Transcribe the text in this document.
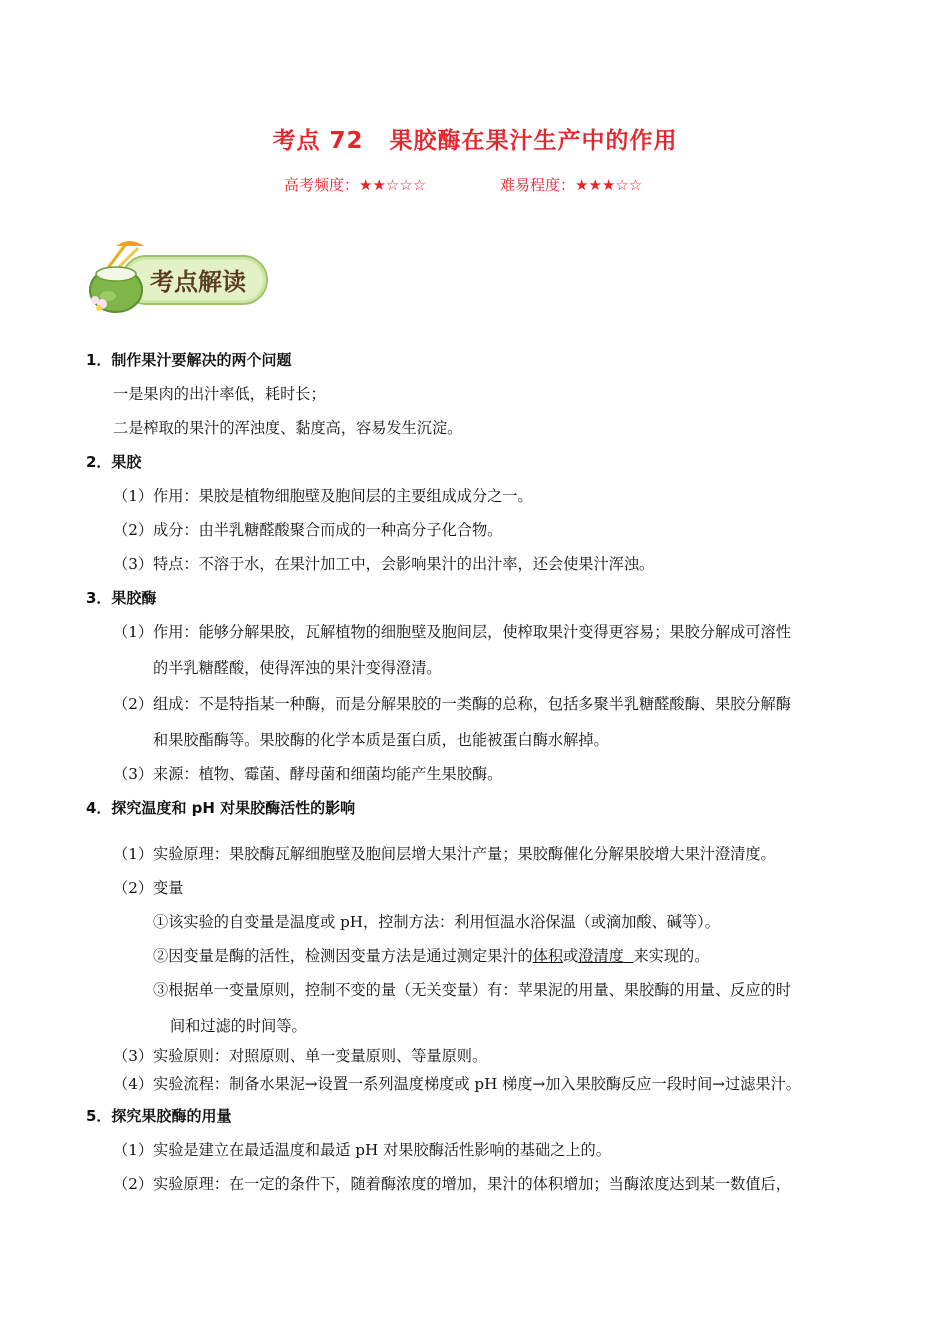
考点 72 果胶酶在果汁生产中的作用
高考频度：★★☆☆☆	难易程度：★★★☆☆
考点解读
1．制作果汁要解决的两个问题
一是果肉的出汁率低，耗时长；
二是榨取的果汁的浑浊度、黏度高，容易发生沉淀。
2．果胶
（1）作用：果胶是植物细胞壁及胞间层的主要组成成分之一。
（2）成分：由半乳糖醛酸聚合而成的一种高分子化合物。
（3）特点：不溶于水，在果汁加工中，会影响果汁的出汁率，还会使果汁浑浊。
3．果胶酶
（1）作用：能够分解果胶，瓦解植物的细胞壁及胞间层，使榨取果汁变得更容易；果胶分解成可溶性
的半乳糖醛酸，使得浑浊的果汁变得澄清。
（2）组成：不是特指某一种酶，而是分解果胶的一类酶的总称，包括多聚半乳糖醛酸酶、果胶分解酶
和果胶酯酶等。果胶酶的化学本质是蛋白质，也能被蛋白酶水解掉。
（3）来源：植物、霉菌、酵母菌和细菌均能产生果胶酶。
4．探究温度和 pH 对果胶酶活性的影响
（1）实验原理：果胶酶瓦解细胞壁及胞间层增大果汁产量；果胶酶催化分解果胶增大果汁澄清度。
（2）变量
①该实验的自变量是温度或 pH，控制方法：利用恒温水浴保温（或滴加酸、碱等）。
②因变量是酶的活性，检测因变量方法是通过测定果汁的体积或澄清度 来实现的。
③根据单一变量原则，控制不变的量（无关变量）有：苹果泥的用量、果胶酶的用量、反应的时
间和过滤的时间等。
（3）实验原则：对照原则、单一变量原则、等量原则。
（4）实验流程：制备水果泥→设置一系列温度梯度或 pH 梯度→加入果胶酶反应一段时间→过滤果汁。
5．探究果胶酶的用量
（1）实验是建立在最适温度和最适 pH 对果胶酶活性影响的基础之上的。
（2）实验原理：在一定的条件下，随着酶浓度的增加，果汁的体积增加；当酶浓度达到某一数值后，
